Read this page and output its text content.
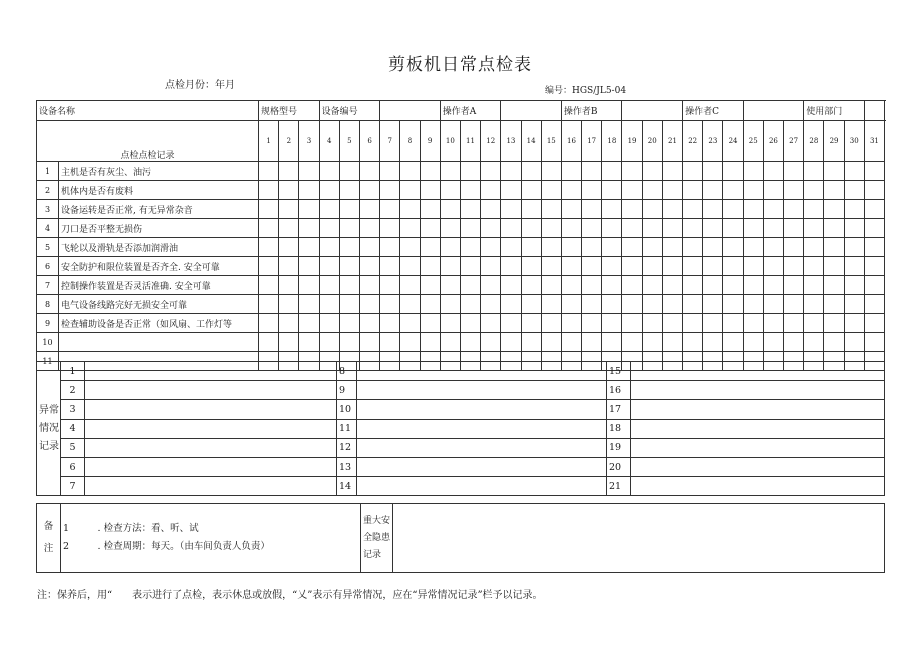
剪板机日常点检表
点检月份：年月	编号：HGS/JL5-04
设备名称		规格型号			设备编号						操作者A						操作者B						操作者C						使用部门			
点检点检记录		1	2	3	4	5	6	7	8	9	10	11	12	13	14	15	16	17	18	19	20	21	22	23	24	25	26	27	28	29	30	31
1	主机是否有灰尘、油污																															
2	机体内是否有废料																															
3	设备运转是否正常, 有无异常杂音																															
4	刀口是否平整无损伤																															
5	飞轮以及滑轨是否添加润滑油																															
6	安全防护和限位装置是否齐全. 安全可靠																															
7	控制操作装置是否灵活准确. 安全可靠																															
8	电气设备线路完好无损安全可靠																															
9	检查辅助设备是否正常（如风扇、工作灯等																															
10																																
11																																
异常
情况
记录	1		8		15	
	2		9		16	
	3		10		17	
	4		11		18	
	5		12		19	
	6		13		20	
	7		14		21	
备
注

1　　　. 检查方法：看、听、试
2　　　. 检查周期：每天。（由车间负责人负责）

重大安
全隐患
记录

注：保养后，用“　　表示进行了点检，表示休息或放假，“乂”表示有异常情况，应在“异常情况记录”栏予以记录。
